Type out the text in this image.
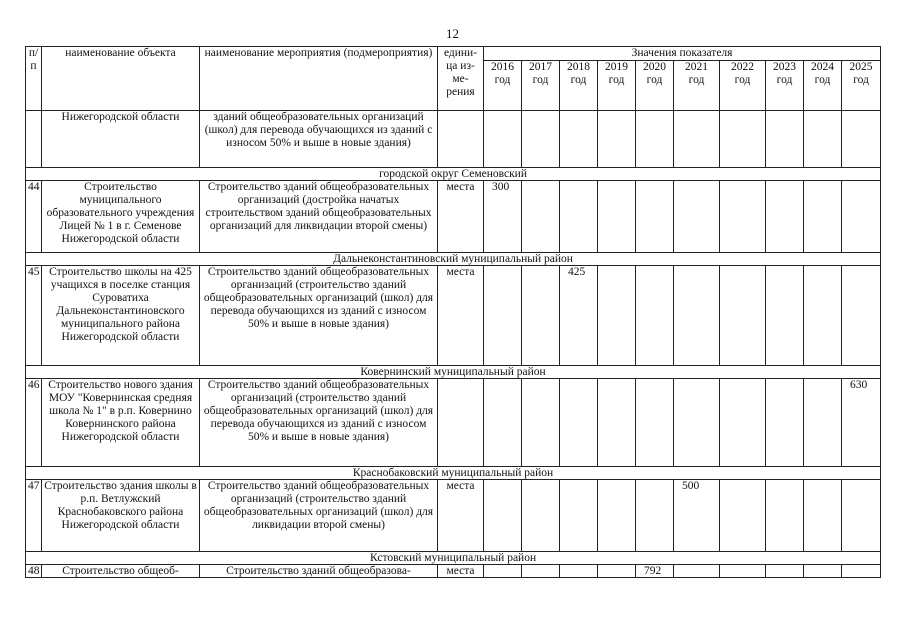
12
п/п	наименование объекта	наименование мероприятия (подмероприятия)	едини-ца из-ме-рения	Значения показателя									
				2016 год	2017 год	2018 год	2019 год	2020 год	2021 год	2022 год	2023 год	2024 год	2025 год
	Нижегородской области	зданий общеобразовательных организаций (школ) для перевода обучающихся из зданий с износом 50% и выше в новые здания)											
городской округ Семеновский													
44	Строительство муниципального образовательного учреждения Лицей № 1 в г. Семенове Нижегородской области	Строительство зданий общеобразовательных организаций (достройка начатых строительством зданий общеобразовательных организаций для ликвидации второй смены)	места	300									
Дальнеконстантиновский муниципальный район													
45	Строительство школы на 425 учащихся в поселке станция Суроватиха Дальнеконстантиновского муниципального района Нижегородской области	Строительство зданий общеобразовательных организаций (строительство зданий общеобразовательных организаций (школ) для перевода обучающихся из зданий с износом 50% и выше в новые здания)	места			425							
Ковернинский муниципальный район													
46	Строительство нового здания МОУ "Ковернинская средняя школа № 1" в р.п. Ковернино Ковернинского района Нижегородской области	Строительство зданий общеобразовательных организаций (строительство зданий общеобразовательных организаций (школ) для перевода обучающихся из зданий с износом 50% и выше в новые здания)											630
Краснобаковский муниципальный район													
47	Строительство здания школы в р.п. Ветлужский Краснобаковского района Нижегородской области	Строительство зданий общеобразовательных организаций (строительство зданий общеобразовательных организаций (школ) для ликвидации второй смены)	места						500				
Кстовский муниципальный район													
48	Строительство общеоб-	Строительство зданий общеобразова-	места					792					
